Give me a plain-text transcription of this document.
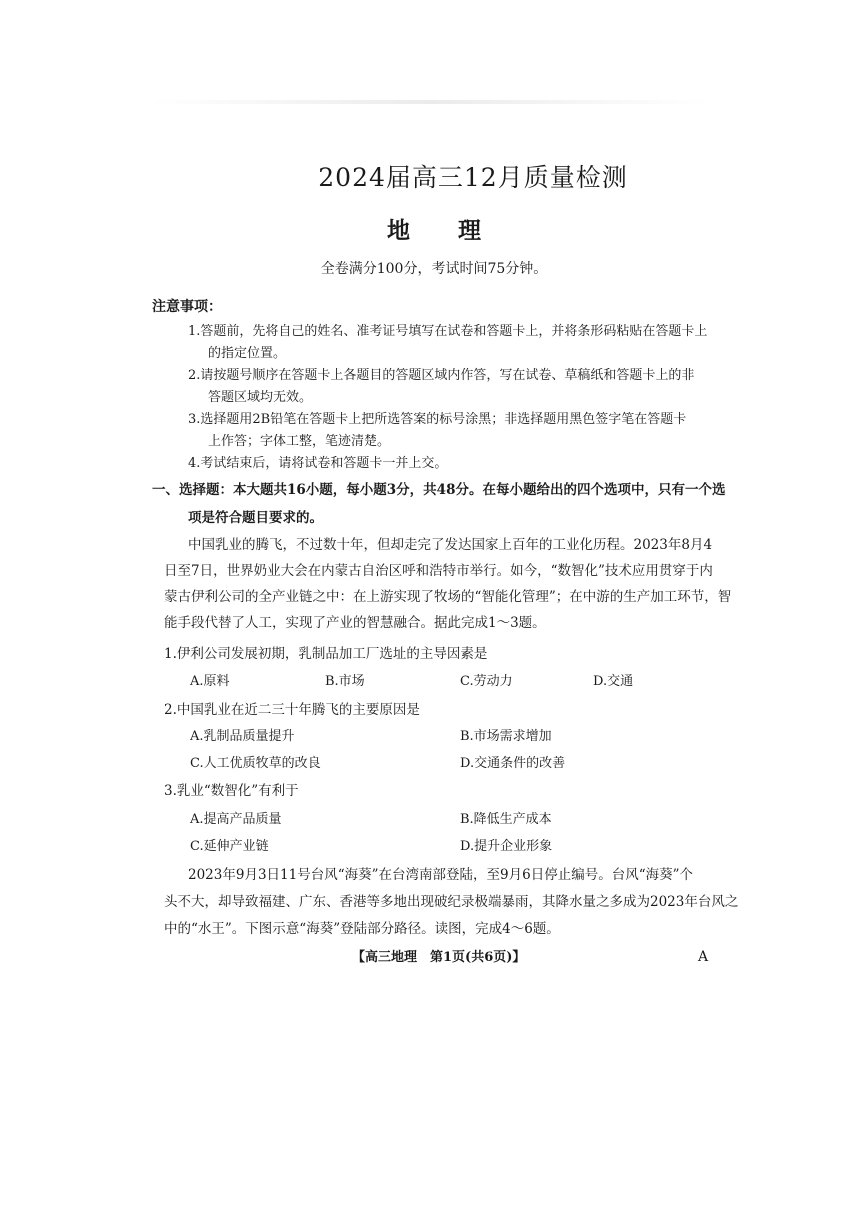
2024届高三12月质量检测
地理
全卷满分100分，考试时间75分钟。
注意事项：
1.答题前，先将自己的姓名、准考证号填写在试卷和答题卡上，并将条形码粘贴在答题卡上
的指定位置。
2.请按题号顺序在答题卡上各题目的答题区域内作答，写在试卷、草稿纸和答题卡上的非
答题区域均无效。
3.选择题用2B铅笔在答题卡上把所选答案的标号涂黑；非选择题用黑色签字笔在答题卡
上作答；字体工整，笔迹清楚。
4.考试结束后，请将试卷和答题卡一并上交。
一、选择题：本大题共16小题，每小题3分，共48分。在每小题给出的四个选项中，只有一个选
项是符合题目要求的。
中国乳业的腾飞，不过数十年，但却走完了发达国家上百年的工业化历程。2023年8月4
日至7日，世界奶业大会在内蒙古自治区呼和浩特市举行。如今，“数智化”技术应用贯穿于内
蒙古伊利公司的全产业链之中：在上游实现了牧场的“智能化管理”；在中游的生产加工环节，智
能手段代替了人工，实现了产业的智慧融合。据此完成1～3题。
1.伊利公司发展初期，乳制品加工厂选址的主导因素是
A.原料	B.市场	C.劳动力	D.交通
2.中国乳业在近二三十年腾飞的主要原因是
A.乳制品质量提升	B.市场需求增加
C.人工优质牧草的改良	D.交通条件的改善
3.乳业“数智化”有利于
A.提高产品质量	B.降低生产成本
C.延伸产业链	D.提升企业形象
2023年9月3日11号台风“海葵”在台湾南部登陆，至9月6日停止编号。台风“海葵”个
头不大，却导致福建、广东、香港等多地出现破纪录极端暴雨，其降水量之多成为2023年台风之
中的“水王”。下图示意“海葵”登陆部分路径。读图，完成4～6题。
【高三地理　第1页(共6页)】	A
